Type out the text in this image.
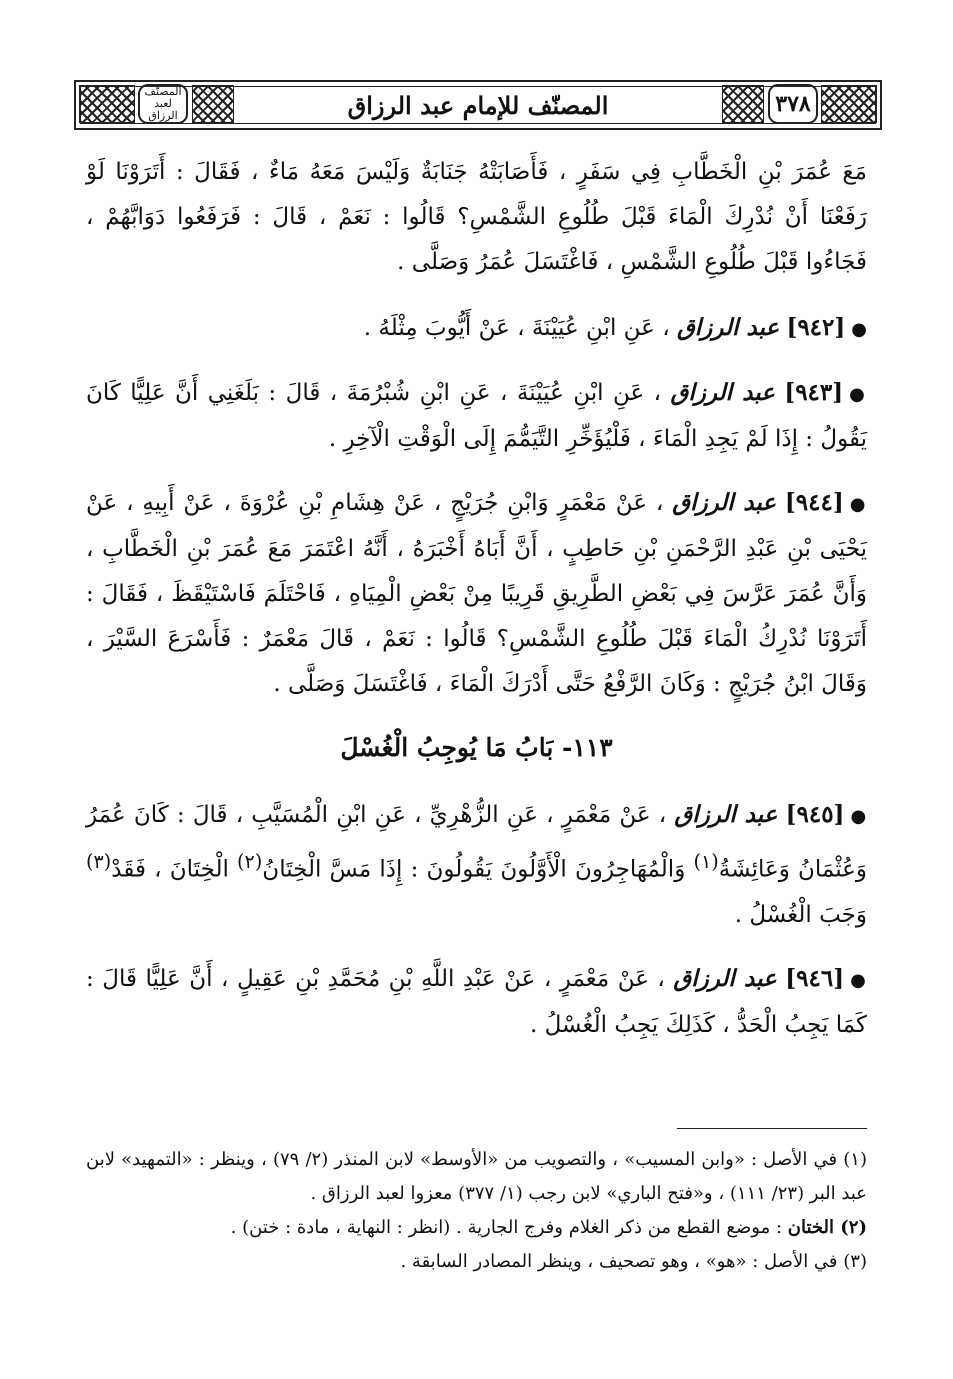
المصنّف لعبد الرزاق	المصنّف للإمام عبد الرزاق	٣٧٨

مَعَ عُمَرَ بْنِ الْخَطَّابِ فِي سَفَرٍ ، فَأَصَابَتْهُ جَنَابَةٌ وَلَيْسَ مَعَهُ مَاءٌ ، فَقَالَ : أَتَرَوْنَا لَوْ رَفَعْنَا أَنْ نُدْرِكَ الْمَاءَ قَبْلَ طُلُوعِ الشَّمْسِ؟ قَالُوا : نَعَمْ ، قَالَ : فَرَفَعُوا دَوَابَّهُمْ ، فَجَاءُوا قَبْلَ طُلُوعِ الشَّمْسِ ، فَاغْتَسَلَ عُمَرُ وَصَلَّى .

●[٩٤٢] عبد الرزاق ، عَنِ ابْنِ عُيَيْنَةَ ، عَنْ أَيُّوبَ مِثْلَهُ .

●[٩٤٣] عبد الرزاق ، عَنِ ابْنِ عُيَيْنَةَ ، عَنِ ابْنِ شُبْرُمَةَ ، قَالَ : بَلَغَنِي أَنَّ عَلِيًّا كَانَ يَقُولُ : إِذَا لَمْ يَجِدِ الْمَاءَ ، فَلْيُؤَخِّرِ التَّيَمُّمَ إِلَى الْوَقْتِ الْآخِرِ .

●[٩٤٤] عبد الرزاق ، عَنْ مَعْمَرٍ وَابْنِ جُرَيْجٍ ، عَنْ هِشَامِ بْنِ عُرْوَةَ ، عَنْ أَبِيهِ ، عَنْ يَحْيَى بْنِ عَبْدِ الرَّحْمَنِ بْنِ حَاطِبٍ ، أَنَّ أَبَاهُ أَخْبَرَهُ ، أَنَّهُ اعْتَمَرَ مَعَ عُمَرَ بْنِ الْخَطَّابِ ، وَأَنَّ عُمَرَ عَرَّسَ فِي بَعْضِ الطَّرِيقِ قَرِيبًا مِنْ بَعْضِ الْمِيَاهِ ، فَاحْتَلَمَ فَاسْتَيْقَظَ ، فَقَالَ : أَتَرَوْنَا نُدْرِكُ الْمَاءَ قَبْلَ طُلُوعِ الشَّمْسِ؟ قَالُوا : نَعَمْ ، قَالَ مَعْمَرٌ : فَأَسْرَعَ السَّيْرَ ، وَقَالَ ابْنُ جُرَيْجٍ : وَكَانَ الرَّفْعُ حَتَّى أَدْرَكَ الْمَاءَ ، فَاغْتَسَلَ وَصَلَّى .

١١٣- بَابُ مَا يُوجِبُ الْغُسْلَ

●[٩٤٥] عبد الرزاق ، عَنْ مَعْمَرٍ ، عَنِ الزُّهْرِيِّ ، عَنِ ابْنِ الْمُسَيَّبِ ، قَالَ : كَانَ عُمَرُ وَعُثْمَانُ وَعَائِشَةُ$^{(١)}$ وَالْمُهَاجِرُونَ الْأَوَّلُونَ يَقُولُونَ : إِذَا مَسَّ الْخِتَانُ$^{(٢)}$ الْخِتَانَ ، فَقَدْ$^{(٣)}$ وَجَبَ الْغُسْلُ .

●[٩٤٦] عبد الرزاق ، عَنْ مَعْمَرٍ ، عَنْ عَبْدِ اللَّهِ بْنِ مُحَمَّدِ بْنِ عَقِيلٍ ، أَنَّ عَلِيًّا قَالَ : كَمَا يَجِبُ الْحَدُّ ، كَذَلِكَ يَجِبُ الْغُسْلُ .

(١) في الأصل : «وابن المسيب» ، والتصويب من «الأوسط» لابن المنذر (٢/ ٧٩) ، وينظر : «التمهيد» لابن عبد البر (٢٣/ ١١١) ، و«فتح الباري» لابن رجب (١/ ٣٧٧) معزوا لعبد الرزاق .

(٢) الختان : موضع القطع من ذكر الغلام وفرج الجارية . (انظر : النهاية ، مادة : ختن) .

(٣) في الأصل : «هو» ، وهو تصحيف ، وينظر المصادر السابقة .
